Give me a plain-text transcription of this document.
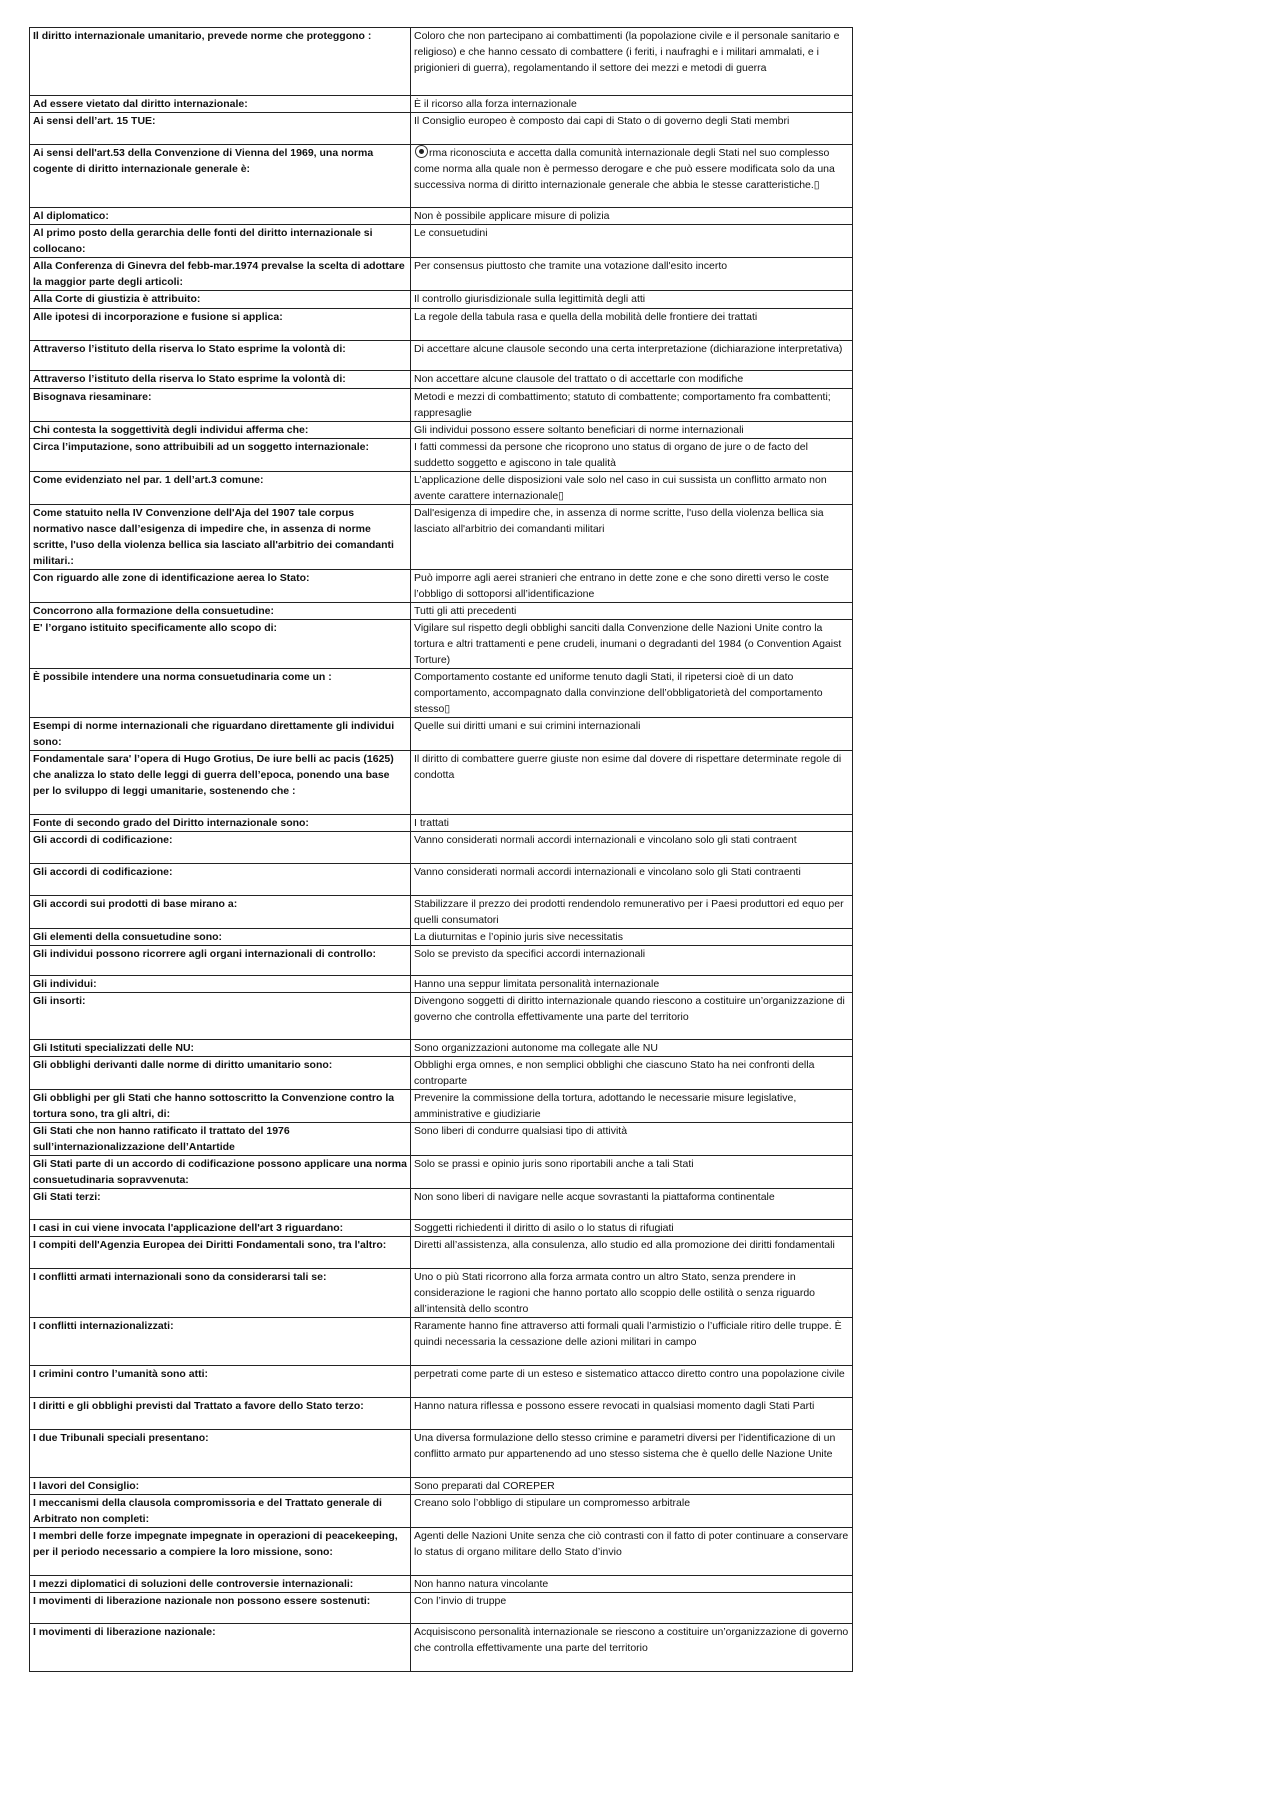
Il diritto internazionale umanitario, prevede norme che proteggono :	Coloro che non partecipano ai combattimenti (la popolazione civile e il personale sanitario e religioso) e che hanno cessato di combattere (i feriti, i naufraghi e i militari ammalati, e i prigionieri di guerra), regolamentando il settore dei mezzi e metodi di guerra
Ad essere vietato dal diritto internazionale:	È il ricorso alla forza internazionale
Ai sensi dell’art. 15 TUE:	Il Consiglio europeo è composto dai capi di Stato o di governo degli Stati membri
Ai sensi dell'art.53 della Convenzione di Vienna del 1969, una norma cogente di diritto internazionale generale è:	rma riconosciuta e accetta dalla comunità internazionale degli Stati nel suo complesso come norma alla quale non è permesso derogare e che può essere modificata solo da una successiva norma di diritto internazionale generale che abbia le stesse caratteristiche.▯
Al diplomatico:	Non è possibile applicare misure di polizia
Al primo posto della gerarchia delle fonti del diritto internazionale si collocano:	Le consuetudini
Alla Conferenza di Ginevra del febb-mar.1974 prevalse la scelta di adottare la maggior parte degli articoli:	Per consensus piuttosto che tramite una votazione dall'esito incerto
Alla Corte di giustizia è attribuito:	Il controllo giurisdizionale sulla legittimità degli atti
Alle ipotesi di incorporazione e fusione si applica:	La regole della tabula rasa e quella della mobilità delle frontiere dei trattati
Attraverso l’istituto della riserva lo Stato esprime la volontà di:	Di accettare alcune clausole secondo una certa interpretazione (dichiarazione interpretativa)
Attraverso l’istituto della riserva lo Stato esprime la volontà di:	Non accettare alcune clausole del trattato o di accettarle con modifiche
Bisognava riesaminare:	Metodi e mezzi di combattimento; statuto di combattente; comportamento fra combattenti; rappresaglie
Chi contesta la soggettività degli individui afferma che:	Gli individui possono essere soltanto beneficiari di norme internazionali
Circa l’imputazione, sono attribuibili ad un soggetto internazionale:	I fatti commessi da persone che ricoprono uno status di organo de jure o de facto del suddetto soggetto e agiscono in tale qualità
Come evidenziato nel par. 1 dell’art.3 comune:	L’applicazione delle disposizioni vale solo nel caso in cui sussista un conflitto armato non avente carattere internazionale▯
Come statuito nella IV Convenzione dell'Aja del 1907 tale corpus normativo nasce dall’esigenza di impedire che, in assenza di norme scritte, l'uso della violenza bellica sia lasciato all'arbitrio dei comandanti militari.:	Dall'esigenza di impedire che, in assenza di norme scritte, l'uso della violenza bellica sia lasciato all'arbitrio dei comandanti militari
Con riguardo alle zone di identificazione aerea lo Stato:	Può imporre agli aerei stranieri che entrano in dette zone e che sono diretti verso le coste l’obbligo di sottoporsi all’identificazione
Concorrono alla formazione della consuetudine:	Tutti gli atti precedenti
E' l’organo istituito specificamente allo scopo di:	Vigilare sul rispetto degli obblighi sanciti dalla Convenzione delle Nazioni Unite contro la tortura e altri trattamenti e pene crudeli, inumani o degradanti del 1984 (o Convention Agaist Torture)
È possibile intendere una norma consuetudinaria come un :	Comportamento costante ed uniforme tenuto dagli Stati, il ripetersi cioè di un dato comportamento, accompagnato dalla convinzione dell’obbligatorietà del comportamento stesso▯
Esempi di norme internazionali che riguardano direttamente gli individui sono:	Quelle sui diritti umani e sui crimini internazionali
Fondamentale sara' l’opera di Hugo Grotius, De iure belli ac pacis (1625) che analizza lo stato delle leggi di guerra dell’epoca, ponendo una base per lo sviluppo di leggi umanitarie, sostenendo che :	Il diritto di combattere guerre giuste non esime dal dovere di rispettare determinate regole di condotta
Fonte di secondo grado del Diritto internazionale sono:	I trattati
Gli accordi di codificazione:	Vanno considerati normali accordi internazionali e vincolano solo gli stati contraent
Gli accordi di codificazione:	Vanno considerati normali accordi internazionali e vincolano solo gli Stati contraenti
Gli accordi sui prodotti di base mirano a:	Stabilizzare il prezzo dei prodotti rendendolo remunerativo per i Paesi produttori ed equo per quelli consumatori
Gli elementi della consuetudine sono:	La diuturnitas e l’opinio juris sive necessitatis
Gli individui possono ricorrere agli organi internazionali di controllo:	Solo se previsto da specifici accordi internazionali
Gli individui:	Hanno una seppur limitata personalità internazionale
Gli insorti:	Divengono soggetti di diritto internazionale quando riescono a costituire un’organizzazione di governo che controlla effettivamente una parte del territorio
Gli Istituti specializzati delle NU:	Sono organizzazioni autonome ma collegate alle NU
Gli obblighi derivanti dalle norme di diritto umanitario sono:	Obblighi erga omnes, e non semplici obblighi che ciascuno Stato ha nei confronti della controparte
Gli obblighi per gli Stati che hanno sottoscritto la Convenzione contro la tortura sono, tra gli altri, di:	Prevenire la commissione della tortura, adottando le necessarie misure legislative, amministrative e giudiziarie
Gli Stati che non hanno ratificato il trattato del 1976 sull’internazionalizzazione dell’Antartide	Sono liberi di condurre qualsiasi tipo di attività
Gli Stati parte di un accordo di codificazione possono applicare una norma consuetudinaria sopravvenuta:	Solo se prassi e opinio juris sono riportabili anche a tali Stati
Gli Stati terzi:	Non sono liberi di navigare nelle acque sovrastanti la piattaforma continentale
I casi in cui viene invocata l'applicazione dell'art 3 riguardano:	Soggetti richiedenti il diritto di asilo o lo status di rifugiati
I compiti dell'Agenzia Europea dei Diritti Fondamentali sono, tra l'altro:	Diretti all’assistenza, alla consulenza, allo studio ed alla promozione dei diritti fondamentali
I conflitti armati internazionali sono da considerarsi tali se:	Uno o più Stati ricorrono alla forza armata contro un altro Stato, senza prendere in considerazione le ragioni che hanno portato allo scoppio delle ostilità o senza riguardo all’intensità dello scontro
I conflitti internazionalizzati:	Raramente hanno fine attraverso atti formali quali l’armistizio o l’ufficiale ritiro delle truppe. È quindi necessaria la cessazione delle azioni militari in campo
I crimini contro l’umanità sono atti:	perpetrati come parte di un esteso e sistematico attacco diretto contro una popolazione civile
I diritti e gli obblighi previsti dal Trattato a favore dello Stato terzo:	Hanno natura riflessa e possono essere revocati in qualsiasi momento dagli Stati Parti
I due Tribunali speciali presentano:	Una diversa formulazione dello stesso crimine e parametri diversi per l’identificazione di un conflitto armato pur appartenendo ad uno stesso sistema che è quello delle Nazione Unite
I lavori del Consiglio:	Sono preparati dal COREPER
I meccanismi della clausola compromissoria e del Trattato generale di Arbitrato non completi:	Creano solo l’obbligo di stipulare un compromesso arbitrale
I membri delle forze impegnate impegnate in operazioni di peacekeeping, per il periodo necessario a compiere la loro missione, sono:	Agenti delle Nazioni Unite senza che ciò contrasti con il fatto di poter continuare a conservare lo status di organo militare dello Stato d’invio
I mezzi diplomatici di soluzioni delle controversie internazionali:	Non hanno natura vincolante
I movimenti di liberazione nazionale non possono essere sostenuti:	Con l’invio di truppe
I movimenti di liberazione nazionale:	Acquisiscono personalità internazionale se riescono a costituire un’organizzazione di governo che controlla effettivamente una parte del territorio
